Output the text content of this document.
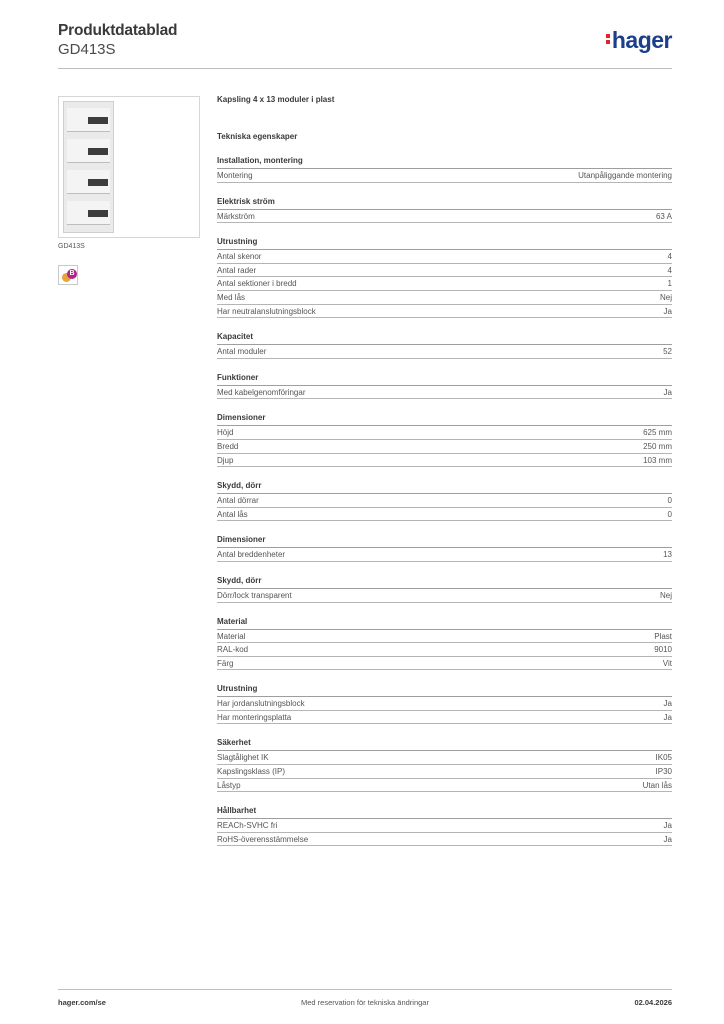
Produktdatablad
GD413S	hager
GD413S
B
Kapsling 4 x 13 moduler i plast
Tekniska egenskaper
Installation, montering
Montering	Utanpåliggande montering
Elektrisk ström
Märkström	63 A
Utrustning
Antal skenor	4
Antal rader	4
Antal sektioner i bredd	1
Med lås	Nej
Har neutralanslutningsblock	Ja
Kapacitet
Antal moduler	52
Funktioner
Med kabelgenomföringar	Ja
Dimensioner
Höjd	625 mm
Bredd	250 mm
Djup	103 mm
Skydd, dörr
Antal dörrar	0
Antal lås	0
Dimensioner
Antal breddenheter	13
Skydd, dörr
Dörr/lock transparent	Nej
Material
Material	Plast
RAL-kod	9010
Färg	Vit
Utrustning
Har jordanslutningsblock	Ja
Har monteringsplatta	Ja
Säkerhet
Slagtålighet IK	IK05
Kapslingsklass (IP)	IP30
Låstyp	Utan lås
Hållbarhet
REACh-SVHC fri	Ja
RoHS-överensstämmelse	Ja
hager.com/se	Med reservation för tekniska ändringar	02.04.2026
